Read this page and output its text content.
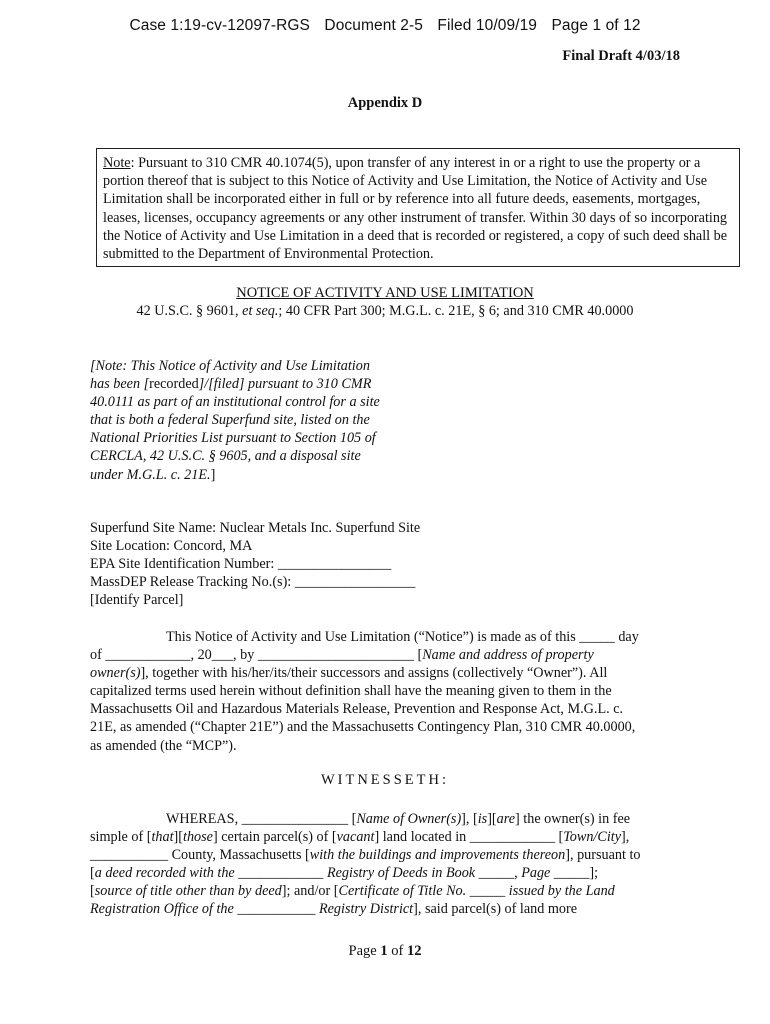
Case 1:19-cv-12097-RGS Document 2-5 Filed 10/09/19 Page 1 of 12
Final Draft 4/03/18
Appendix D
Note: Pursuant to 310 CMR 40.1074(5), upon transfer of any interest in or a right to use the property or a portion thereof that is subject to this Notice of Activity and Use Limitation, the Notice of Activity and Use Limitation shall be incorporated either in full or by reference into all future deeds, easements, mortgages, leases, licenses, occupancy agreements or any other instrument of transfer. Within 30 days of so incorporating the Notice of Activity and Use Limitation in a deed that is recorded or registered, a copy of such deed shall be submitted to the Department of Environmental Protection.
NOTICE OF ACTIVITY AND USE LIMITATION
42 U.S.C. § 9601, et seq.; 40 CFR Part 300; M.G.L. c. 21E, § 6; and 310 CMR 40.0000
[Note: This Notice of Activity and Use Limitation has been [recorded]/[filed] pursuant to 310 CMR 40.0111 as part of an institutional control for a site that is both a federal Superfund site, listed on the National Priorities List pursuant to Section 105 of CERCLA, 42 U.S.C. § 9605, and a disposal site under M.G.L. c. 21E.]
Superfund Site Name: Nuclear Metals Inc. Superfund Site
Site Location: Concord, MA
EPA Site Identification Number: ________________
MassDEP Release Tracking No.(s): _________________
[Identify Parcel]
This Notice of Activity and Use Limitation (“Notice”) is made as of this _____ day
of ____________, 20___, by ______________________ [Name and address of property
owner(s)], together with his/her/its/their successors and assigns (collectively “Owner”). All
capitalized terms used herein without definition shall have the meaning given to them in the
Massachusetts Oil and Hazardous Materials Release, Prevention and Response Act, M.G.L. c.
21E, as amended (“Chapter 21E”) and the Massachusetts Contingency Plan, 310 CMR 40.0000,
as amended (the “MCP”).
WITNESSETH:
WHEREAS, _______________ [Name of Owner(s)], [is][are] the owner(s) in fee
simple of [that][those] certain parcel(s) of [vacant] land located in ____________ [Town/City],
___________ County, Massachusetts [with the buildings and improvements thereon], pursuant to
[a deed recorded with the ____________ Registry of Deeds in Book _____, Page _____];
[source of title other than by deed]; and/or [Certificate of Title No. _____ issued by the Land
Registration Office of the ___________ Registry District], said parcel(s) of land more
Page 1 of 12
